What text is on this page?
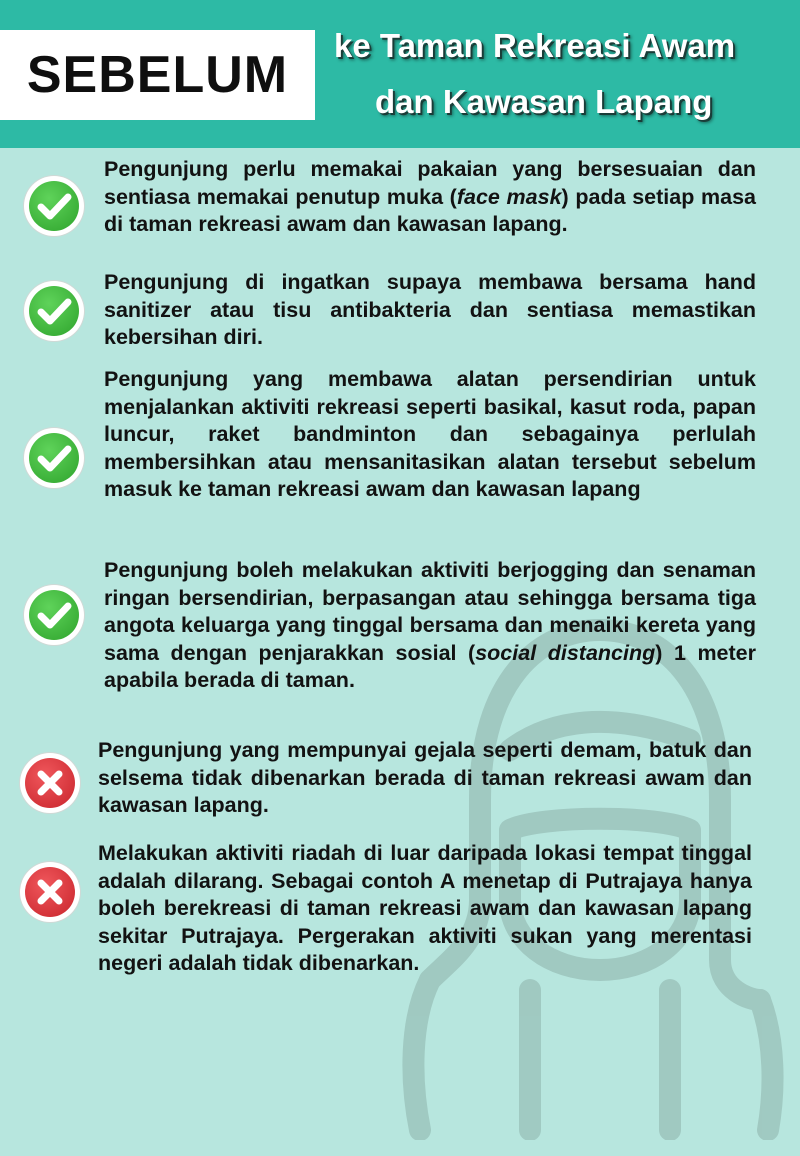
SEBELUM
ke Taman Rekreasi Awam
dan Kawasan Lapang
Pengunjung perlu memakai pakaian yang bersesuaian dan sentiasa memakai penutup muka (face mask) pada setiap masa di taman rekreasi awam dan kawasan lapang.
Pengunjung di ingatkan supaya membawa bersama hand sanitizer atau tisu antibakteria dan sentiasa memastikan kebersihan diri.
Pengunjung yang membawa alatan persendirian untuk menjalankan aktiviti rekreasi seperti basikal, kasut roda, papan luncur, raket bandminton dan sebagainya perlulah membersihkan atau mensanitasikan alatan tersebut sebelum masuk ke taman rekreasi awam dan kawasan lapang
Pengunjung boleh melakukan aktiviti berjogging dan senaman ringan bersendirian, berpasangan atau sehingga bersama tiga angota keluarga yang tinggal bersama dan menaiki kereta yang sama dengan penjarakkan sosial (social distancing) 1 meter apabila berada di taman.
Pengunjung yang mempunyai gejala seperti demam, batuk dan selsema tidak dibenarkan berada di taman rekreasi awam dan kawasan lapang.
Melakukan aktiviti riadah di luar daripada lokasi tempat tinggal adalah dilarang. Sebagai contoh A menetap di Putrajaya hanya boleh berekreasi di taman rekreasi awam dan kawasan lapang sekitar Putrajaya. Pergerakan aktiviti sukan yang merentasi negeri adalah tidak dibenarkan.
